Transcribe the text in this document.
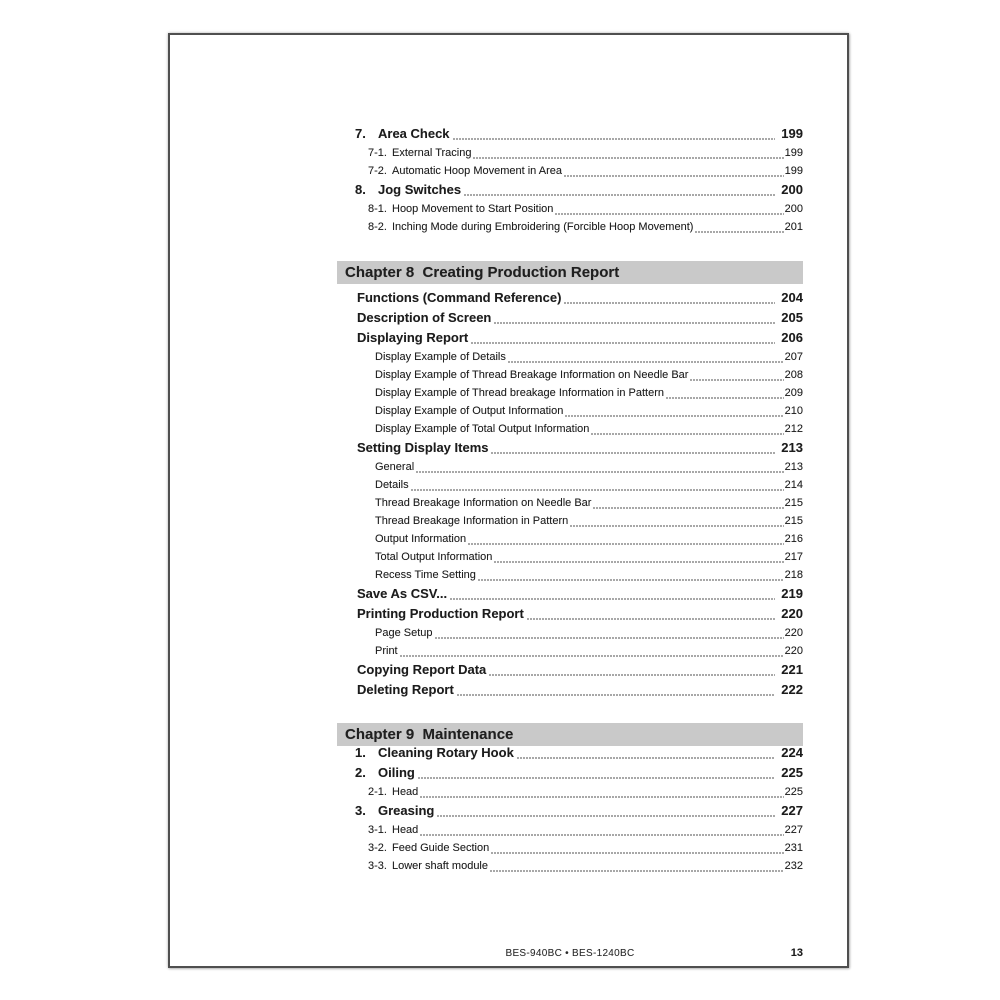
7. Area Check	199
7-1. External Tracing	199
7-2. Automatic Hoop Movement in Area	199
8. Jog Switches	200
8-1. Hoop Movement to Start Position	200
8-2. Inching Mode during Embroidering (Forcible Hoop Movement)	201
Chapter 8  Creating Production Report
Functions (Command Reference)	204
Description of Screen	205
Displaying Report	206
Display Example of Details	207
Display Example of Thread Breakage Information on Needle Bar	208
Display Example of Thread breakage Information in Pattern	209
Display Example of Output Information	210
Display Example of Total Output Information	212
Setting Display Items	213
General	213
Details	214
Thread Breakage Information on Needle Bar	215
Thread Breakage Information in Pattern	215
Output Information	216
Total Output Information	217
Recess Time Setting	218
Save As CSV...	219
Printing Production Report	220
Page Setup	220
Print	220
Copying Report Data	221
Deleting Report	222
Chapter 9  Maintenance
1. Cleaning Rotary Hook	224
2. Oiling	225
2-1. Head	225
3. Greasing	227
3-1. Head	227
3-2. Feed Guide Section	231
3-3. Lower shaft module	232
BES-940BC • BES-1240BC	13
